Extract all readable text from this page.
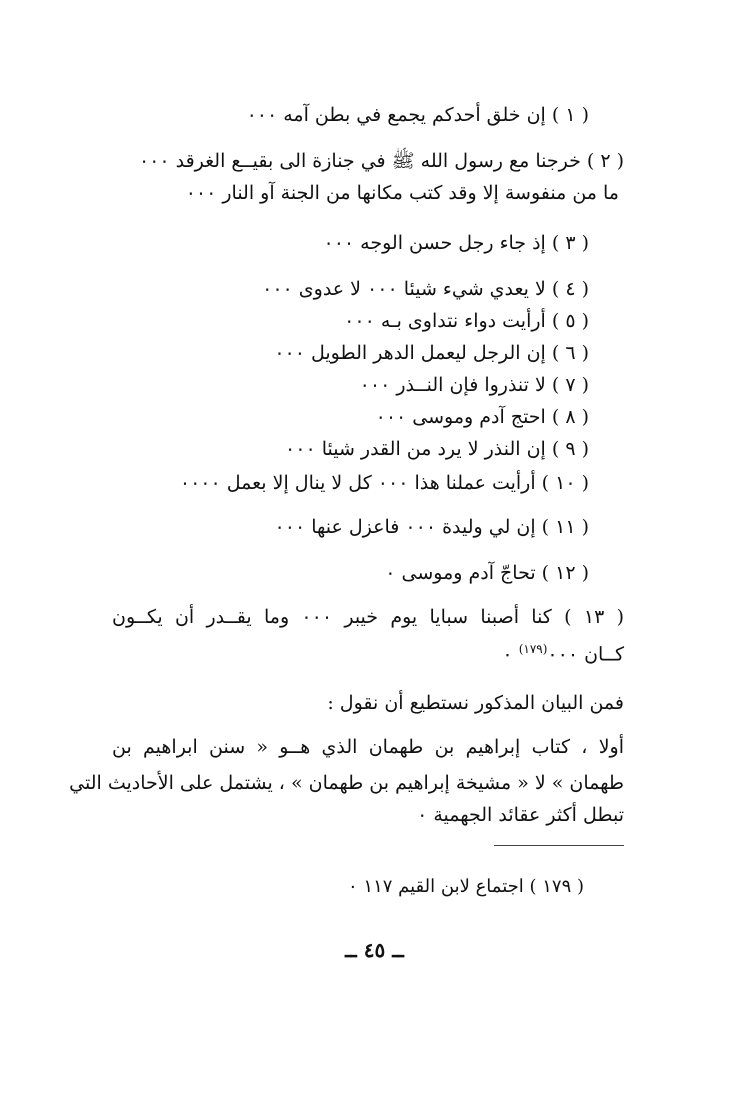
( ١ ) إن خلق أحدكم يجمع في بطن آمه ٠٠٠
( ٢ ) خرجنا مع رسول الله ﷺ في جنازة الى بقيــع الغرقد ٠٠٠
ما من منفوسة إلا وقد كتب مكانها من الجنة آو النار ٠٠٠
( ٣ ) إذ جاء رجل حسن الوجه ٠٠٠
( ٤ ) لا يعدي شيء شيئا ٠٠٠ لا عدوى ٠٠٠
( ٥ ) أرأيت دواء نتداوى بـه ٠٠٠
( ٦ ) إن الرجل ليعمل الدهر الطويل ٠٠٠
( ٧ ) لا تنذروا فإن النــذر ٠٠٠
( ٨ ) احتج آدم وموسى ٠٠٠
( ٩ ) إن النذر لا يرد من القدر شيئا ٠٠٠
( ١٠ ) أرأيت عملنا هذا ٠٠٠ كل لا ينال إلا بعمل ٠٠٠٠
( ١١ ) إن لي وليدة ٠٠٠ فاعزل عنها ٠٠٠
( ١٢ ) تحاجّ آدم وموسى ٠
( ١٣ ) كنا أصبنا سبايا يوم خيبر ٠٠٠ وما يقــدر أن يكــون
كــان ٠٠٠$^{(١٧٩)}$ ٠
فمن البيان المذكور نستطيع أن نقول :
أولا ، كتاب إبراهيم بن طهمان الذي هــو « سنن ابراهيم بن
طهمان » لا « مشيخة إبراهيم بن طهمان » ، يشتمل على الأحاديث التي
تبطل أكثر عقائد الجهمية ٠
( ١٧٩ ) اجتماع لابن القيم ١١٧ ٠
ــ ٤٥ ــ
